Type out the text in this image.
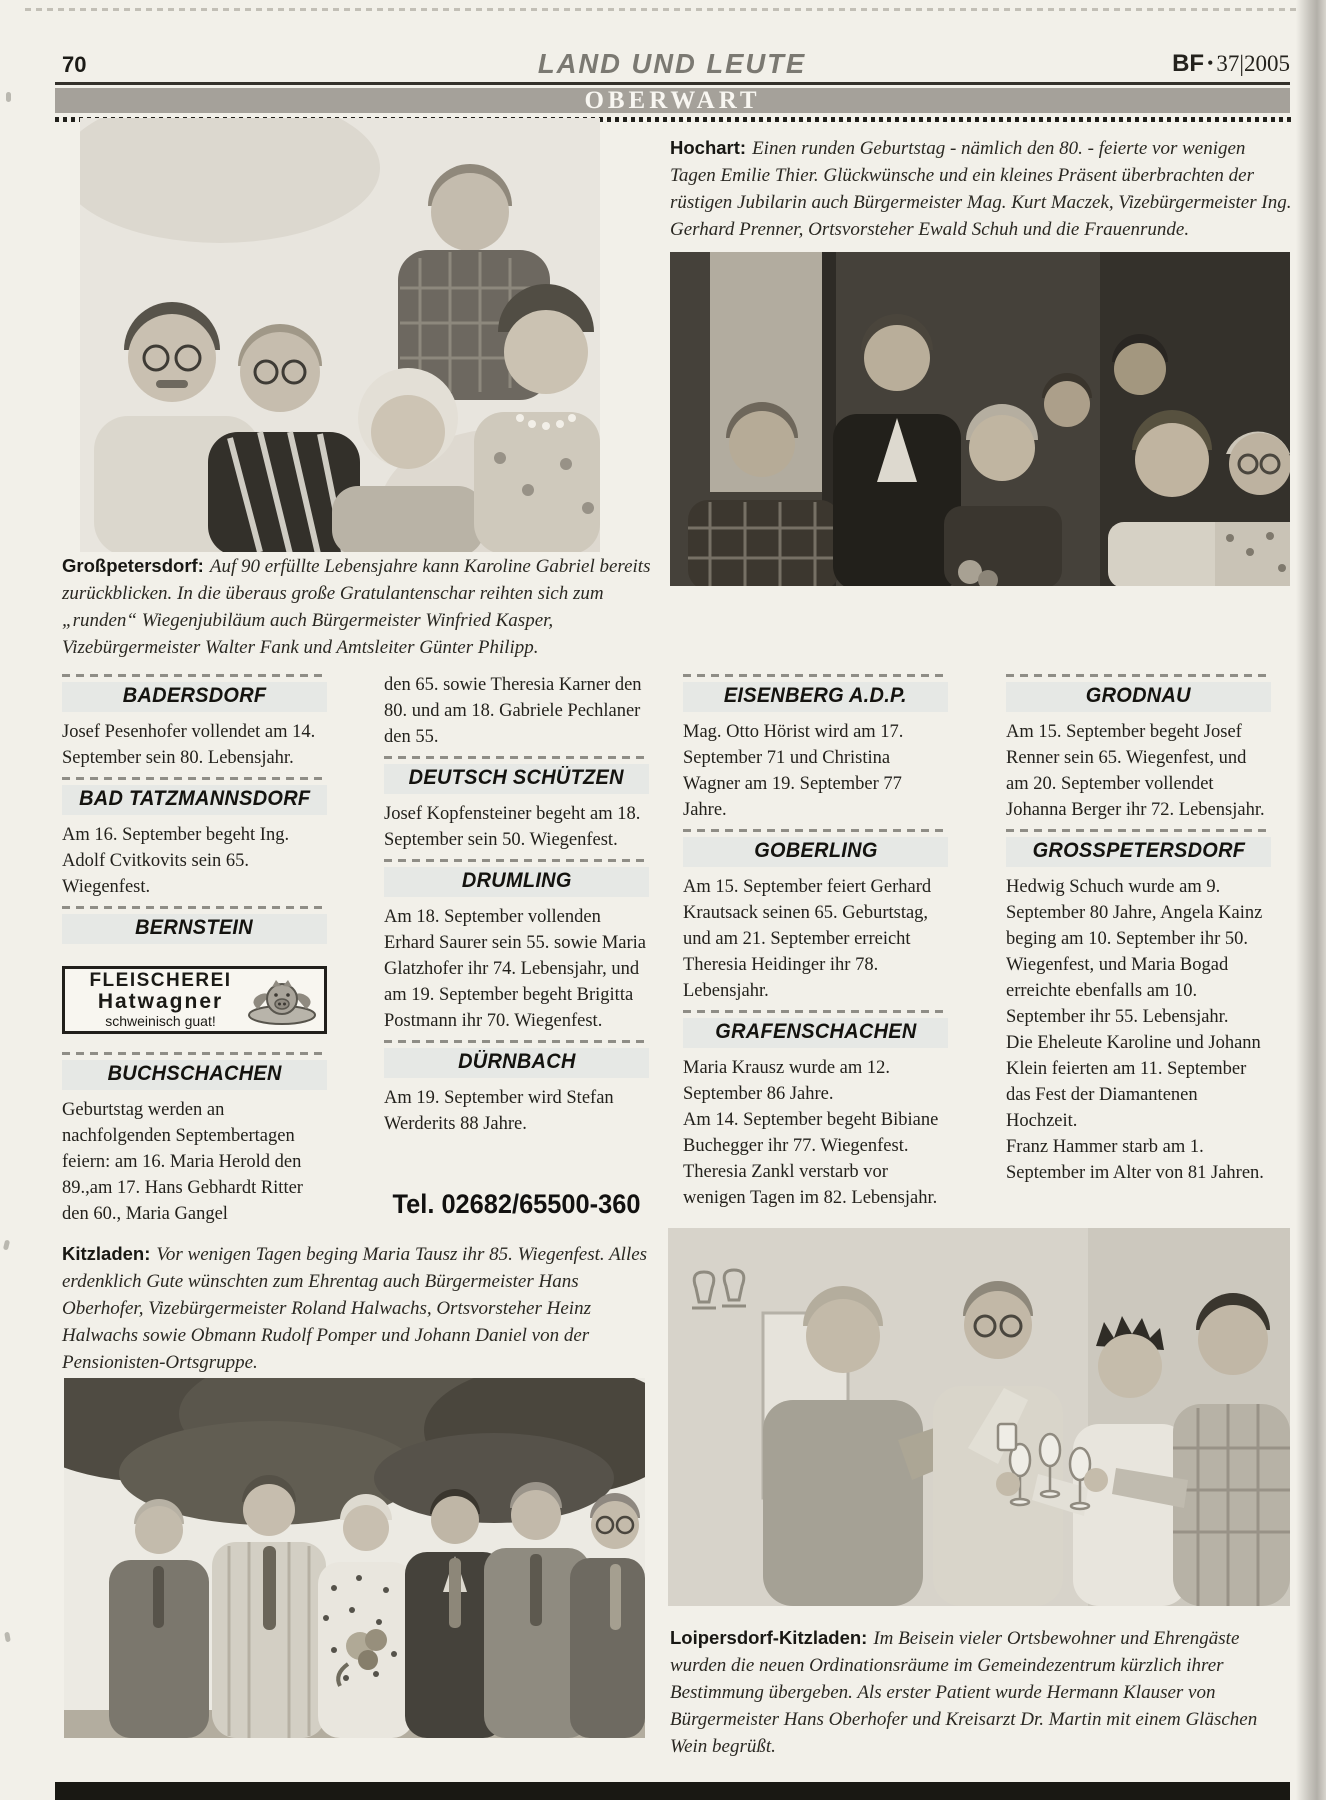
70	LAND UND LEUTE	BF • 37|2005
OBERWART

Großpetersdorf: Auf 90 erfüllte Lebensjahre kann Karoline Gabriel bereits zurückblicken. In die überaus große Gratulantenschar reihten sich zum „runden“ Wiegenjubiläum auch Bürgermeister Winfried Kasper, Vizebürgermeister Walter Fank und Amtsleiter Günter Philipp.

Hochart: Einen runden Geburtstag - nämlich den 80. - feierte vor wenigen Tagen Emilie Thier. Glückwünsche und ein kleines Präsent überbrachten der rüstigen Jubilarin auch Bürgermeister Mag. Kurt Maczek, Vizebürgermeister Ing. Gerhard Prenner, Ortsvorsteher Ewald Schuh und die Frauenrunde.

BADERSDORF

Josef Pesenhofer vollendet am 14. September sein 80. Lebensjahr.

BAD TATZMANNSDORF

Am 16. September begeht Ing. Adolf Cvitkovits sein 65. Wiegenfest.

BERNSTEIN
FLEISCHEREI
Hatwagner
schweinisch guat!
BUCHSCHACHEN

Geburtstag werden an nachfolgenden Septembertagen feiern: am 16. Maria Herold den 89.,am 17. Hans Gebhardt Ritter den 60., Maria Gangel

den 65. sowie Theresia Karner den 80. und am 18. Gabriele Pechlaner den 55.

DEUTSCH SCHÜTZEN

Josef Kopfensteiner begeht am 18. September sein 50. Wiegenfest.

DRUMLING

Am 18. September vollenden Erhard Saurer sein 55. sowie Maria Glatzhofer ihr 74. Lebensjahr, und am 19. September begeht Brigitta Postmann ihr 70. Wiegenfest.

DÜRNBACH

Am 19. September wird Stefan Werderits 88 Jahre.

Tel. 02682/65500-360
EISENBERG A.D.P.

Mag. Otto Hörist wird am 17. September 71 und Christina Wagner am 19. September 77 Jahre.

GOBERLING

Am 15. September feiert Gerhard Krautsack seinen 65. Geburtstag, und am 21. September erreicht Theresia Heidinger ihr 78. Lebensjahr.

GRAFENSCHACHEN

Maria Krausz wurde am 12. September 86 Jahre.

Am 14. September begeht Bibiane Buchegger ihr 77. Wiegenfest.

Theresia Zankl verstarb vor wenigen Tagen im 82. Lebensjahr.

GRODNAU

Am 15. September begeht Josef Renner sein 65. Wiegenfest, und am 20. September vollendet Johanna Berger ihr 72. Lebensjahr.

GROSSPETERSDORF

Hedwig Schuch wurde am 9. September 80 Jahre, Angela Kainz beging am 10. September ihr 50. Wiegenfest, und Maria Bogad erreichte ebenfalls am 10. September ihr 55. Lebensjahr.

Die Eheleute Karoline und Johann Klein feierten am 11. September das Fest der Diamantenen Hochzeit.

Franz Hammer starb am 1. September im Alter von 81 Jahren.

Kitzladen: Vor wenigen Tagen beging Maria Tausz ihr 85. Wiegenfest. Alles erdenklich Gute wünschten zum Ehrentag auch Bürgermeister Hans Oberhofer, Vizebürgermeister Roland Halwachs, Ortsvorsteher Heinz Halwachs sowie Obmann Rudolf Pomper und Johann Daniel von der Pensionisten-Ortsgruppe.

Loipersdorf-Kitzladen: Im Beisein vieler Ortsbewohner und Ehrengäste wurden die neuen Ordinationsräume im Gemeindezentrum kürzlich ihrer Bestimmung übergeben. Als erster Patient wurde Hermann Klauser von Bürgermeister Hans Oberhofer und Kreisarzt Dr. Martin mit einem Gläschen Wein begrüßt.
